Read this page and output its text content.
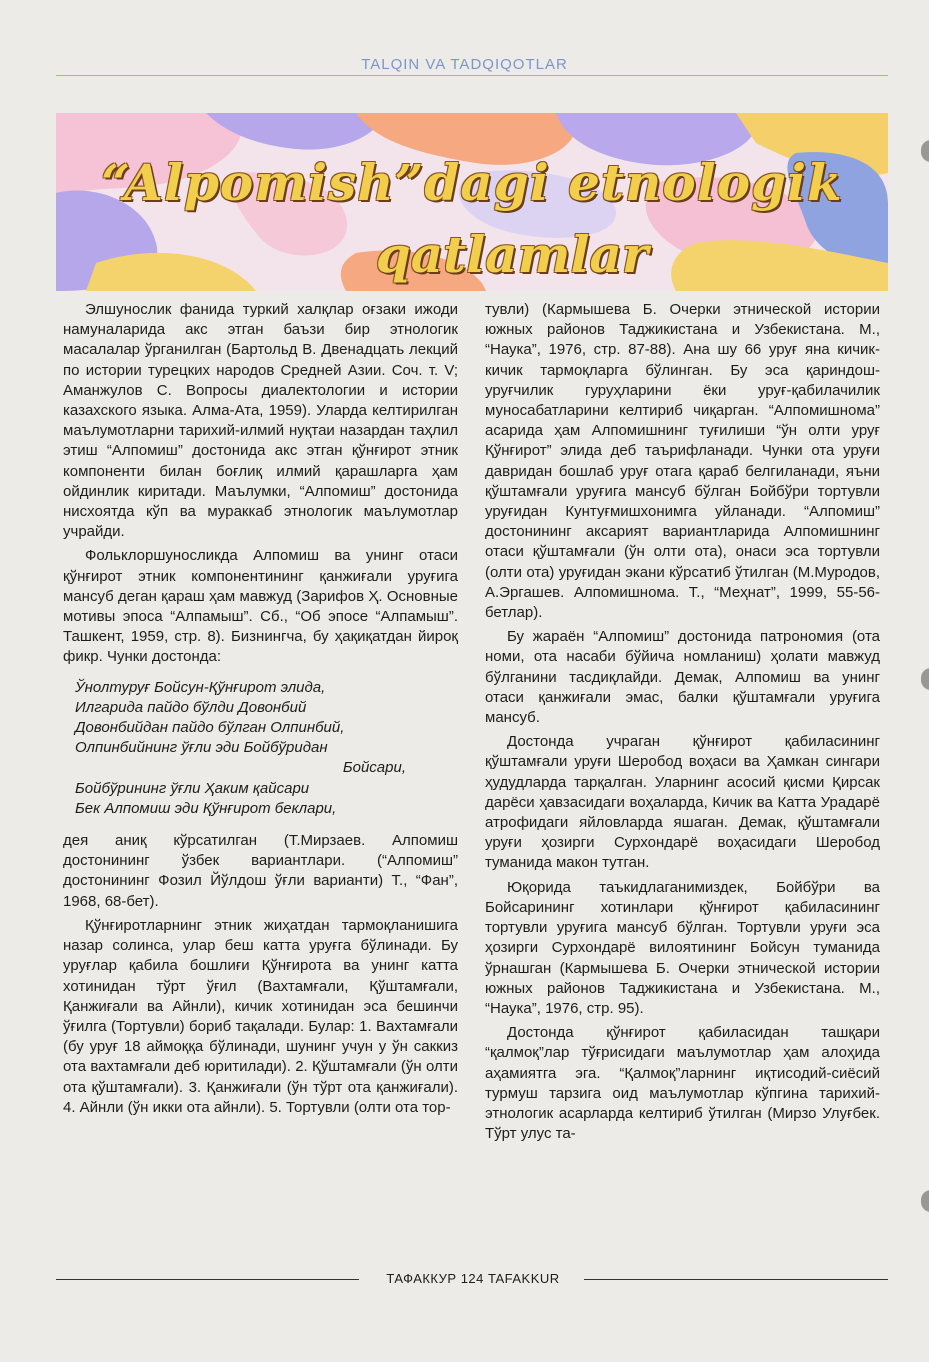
TALQIN VA TADQIQOTLAR
“Alpomish”dagi etnologik
qatlamlar

Элшунослик фанида туркий халқлар оғзаки ижоди намуналарида акс этган баъзи бир этнологик масалалар ўрганилган (Бартольд В. Двенадцать лекций по истории турецких народов Средней Азии. Соч. т. V; Аманжулов С. Вопросы диалектологии и истории казахского языка. Алма-Ата, 1959). Уларда келтирилган маълумотларни тарихий-илмий нуқтаи назардан таҳлил этиш “Алпомиш” достонида акс этган қўнғирот этник компоненти билан боғлиқ илмий қарашларга ҳам ойдинлик киритади. Маълумки, “Алпомиш” достонида нисхоятда кўп ва мураккаб этнологик маълумотлар учрайди.

Фольклоршуносликда Алпомиш ва унинг отаси қўнғирот этник компонентининг қанжиғали уруғига мансуб деган қараш ҳам мавжуд (Зарифов Ҳ. Основные мотивы эпоса “Алпамыш”. Сб., “Об эпосе “Алпамыш”. Ташкент, 1959, стр. 8). Бизнингча, бу ҳақиқатдан йироқ фикр. Чунки достонда:

Ўнолтуруғ Бойсун-Қўнғирот элида,
Илгарида пайдо бўлди Довонбий
Довонбийдан пайдо бўлган Олпинбий,
Олпинбийнинг ўғли эди Бойбўридан
Бойсари,
Бойбўрининг ўғли Ҳаким қайсари
Бек Алпомиш эди Қўнғирот беклари,

дея аниқ кўрсатилган (Т.Мирзаев. Алпомиш достонининг ўзбек вариантлари. (“Алпомиш” достонининг Фозил Йўлдош ўғли варианти) Т., “Фан”, 1968, 68-бет).

Қўнғиротларнинг этник жиҳатдан тармоқланишига назар солинса, улар беш катта уруғга бўлинади. Бу уруғлар қабила бошлиғи Қўнғирота ва унинг катта хотинидан тўрт ўғил (Вахтамғали, Қўштамғали, Қанжиғали ва Айнли), кичик хотинидан эса бешинчи ўғилга (Тортувли) бориб тақалади. Булар: 1. Вахтамғали (бу уруғ 18 аймоққа бўлинади, шунинг учун у ўн саккиз ота вахтамғали деб юритилади). 2. Қўштамғали (ўн олти ота қўштамғали). 3. Қанжиғали (ўн тўрт ота қанжиғали). 4. Айнли (ўн икки ота айнли). 5. Тортувли (олти ота тор-

тувли) (Кармышева Б. Очерки этнической истории южных районов Таджикистана и Узбекистана. М., “Наука”, 1976, стр. 87-88). Ана шу 66 уруғ яна кичик-кичик тармоқларга бўлинган. Бу эса қариндош-уруғчилик гуруҳларини ёки уруғ-қабилачилик муносабатларини келтириб чиқарган. “Алпомишнома” асарида ҳам Алпомишнинг туғилиши “ўн олти уруғ Қўнғирот” элида деб таърифланади. Чунки ота уруғи давридан бошлаб уруғ отага қараб белгиланади, яъни қўштамғали уруғига мансуб бўлган Бойбўри тортувли уруғидан Кунтуғмишхонимга уйланади. “Алпомиш” достонининг аксарият вариантларида Алпомишнинг отаси қўштамғали (ўн олти ота), онаси эса тортувли (олти ота) уруғидан экани кўрсатиб ўтилган (М.Муродов, А.Эргашев. Алпомишнома. Т., “Меҳнат”, 1999, 55-56-бетлар).

Бу жараён “Алпомиш” достонида патрономия (ота номи, ота насаби бўйича номланиш) ҳолати мавжуд бўлганини тасдиқлайди. Демак, Алпомиш ва унинг отаси қанжиғали эмас, балки қўштамғали уруғига мансуб.

Достонда учраган қўнғирот қабиласининг қўштамғали уруғи Шеробод воҳаси ва Ҳамкан сингари ҳудудларда тарқалган. Уларнинг асосий қисми Қирсак дарёси ҳавзасидаги воҳаларда, Кичик ва Катта Урадарё атрофидаги яйловларда яшаган. Демак, қўштамғали уруғи ҳозирги Сурхондарё воҳасидаги Шеробод туманида макон тутган.

Юқорида таъкидлаганимиздек, Бойбўри ва Бойсарининг хотинлари қўнғирот қабиласининг тортувли уруғига мансуб бўлган. Тортувли уруғи эса ҳозирги Сурхондарё вилоятининг Бойсун туманида ўрнашган (Кармышева Б. Очерки этнической истории южных районов Таджикистана и Узбекистана. М., “Наука”, 1976, стр. 95).

Достонда қўнғирот қабиласидан ташқари “қалмоқ”лар тўғрисидаги маълумотлар ҳам алоҳида аҳамиятга эга. “Қалмоқ”ларнинг иқтисодий-сиёсий турмуш тарзига оид маълумотлар кўпгина тарихий-этнологик асарларда келтириб ўтилган (Мирзо Улуғбек. Тўрт улус та-

ТАФАККУР 124 TAFAKKUR
